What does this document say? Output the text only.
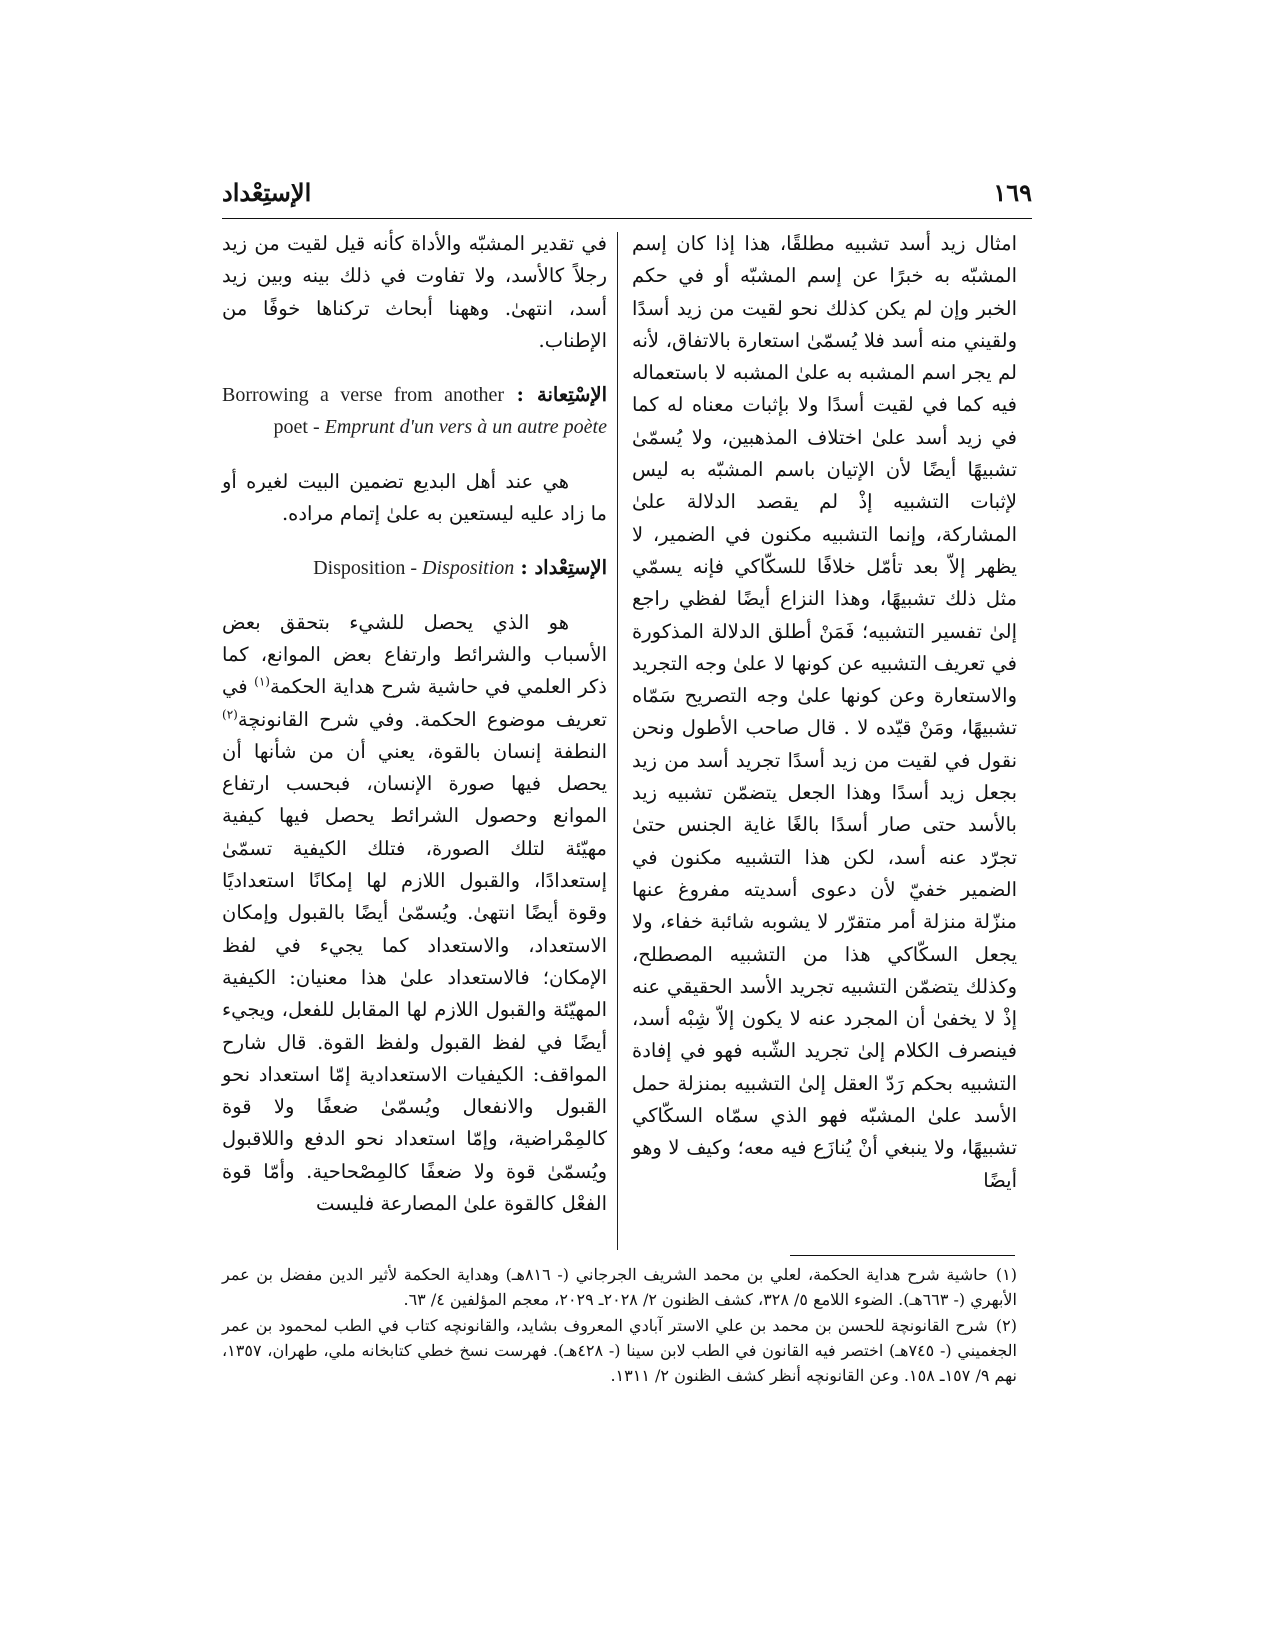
١٦٩
الإستِعْداد

امثال زيد أسد تشبيه مطلقًا، هذا إذا كان إسم المشبّه به خبرًا عن إسم المشبّه أو في حكم الخبر وإن لم يكن كذلك نحو لقيت من زيد أسدًا ولقيني منه أسد فلا يُسمّىٰ استعارة بالاتفاق، لأنه لم يجر اسم المشبه به علىٰ المشبه لا باستعماله فيه كما في لقيت أسدًا ولا بإثبات معناه له كما في زيد أسد علىٰ اختلاف المذهبين، ولا يُسمّىٰ تشبيهًا أيضًا لأن الإتيان باسم المشبّه به ليس لإثبات التشبيه إذْ لم يقصد الدلالة علىٰ المشاركة، وإنما التشبيه مكنون في الضمير، لا يظهر إلاّ بعد تأمّل خلافًا للسكّاكي فإنه يسمّي مثل ذلك تشبيهًا، وهذا النزاع أيضًا لفظي راجع إلىٰ تفسير التشبيه؛ فَمَنْ أطلق الدلالة المذكورة في تعريف التشبيه عن كونها لا علىٰ وجه التجريد والاستعارة وعن كونها علىٰ وجه التصريح سَمّاه تشبيهًا، ومَنْ قيّده لا . قال صاحب الأطول ونحن نقول في لقيت من زيد أسدًا تجريد أسد من زيد بجعل زيد أسدًا وهذا الجعل يتضمّن تشبيه زيد بالأسد حتى صار أسدًا بالغًا غاية الجنس حتىٰ تجرّد عنه أسد، لكن هذا التشبيه مكنون في الضمير خفيّ لأن دعوى أسديته مفروغ عنها منزّلة منزلة أمر متقرّر لا يشوبه شائبة خفاء، ولا يجعل السكّاكي هذا من التشبيه المصطلح، وكذلك يتضمّن التشبيه تجريد الأسد الحقيقي عنه إذْ لا يخفىٰ أن المجرد عنه لا يكون إلاّ شِبْه أسد، فينصرف الكلام إلىٰ تجريد الشّبه فهو في إفادة التشبيه بحكم رَدّ العقل إلىٰ التشبيه بمنزلة حمل الأسد علىٰ المشبّه فهو الذي سمّاه السكّاكي تشبيهًا، ولا ينبغي أنْ يُنازَع فيه معه؛ وكيف لا وهو أيضًا

في تقدير المشبّه والأداة كأنه قيل لقيت من زيد رجلاً كالأسد، ولا تفاوت في ذلك بينه وبين زيد أسد، انتهىٰ. وههنا أبحاث تركناها خوفًا من الإطناب.

الإسْتِعانة : Borrowing a verse from another poet - Emprunt d'un vers à un autre poète

هي عند أهل البديع تضمين البيت لغيره أو ما زاد عليه ليستعين به علىٰ إتمام مراده.

الإستِعْداد : Disposition - Disposition

هو الذي يحصل للشيء بتحقق بعض الأسباب والشرائط وارتفاع بعض الموانع، كما ذكر العلمي في حاشية شرح هداية الحكمة$^{(١)}$ في تعريف موضوع الحكمة. وفي شرح القانونچة$^{(٢)}$ النطفة إنسان بالقوة، يعني أن من شأنها أن يحصل فيها صورة الإنسان، فبحسب ارتفاع الموانع وحصول الشرائط يحصل فيها كيفية مهيّئة لتلك الصورة، فتلك الكيفية تسمّىٰ إستعدادًا، والقبول اللازم لها إمكانًا استعداديًا وقوة أيضًا انتهىٰ. ويُسمّىٰ أيضًا بالقبول وإمكان الاستعداد، والاستعداد كما يجيء في لفظ الإمكان؛ فالاستعداد علىٰ هذا معنيان: الكيفية المهيّئة والقبول اللازم لها المقابل للفعل، ويجيء أيضًا في لفظ القبول ولفظ القوة. قال شارح المواقف: الكيفيات الاستعدادية إمّا استعداد نحو القبول والانفعال ويُسمّىٰ ضعفًا ولا قوة كالمِمْراضية، وإمّا استعداد نحو الدفع واللاقبول ويُسمّىٰ قوة ولا ضعفًا كالمِصْحاحية. وأمّا قوة الفعْل كالقوة علىٰ المصارعة فليست

(١)حاشية شرح هداية الحكمة، لعلي بن محمد الشريف الجرجاني (- ٨١٦هـ) وهداية الحكمة لأثير الدين مفضل بن عمر الأبهري (- ٦٦٣هـ). الضوء اللامع ٥/ ٣٢٨، كشف الظنون ٢/ ٢٠٢٨ـ ٢٠٢٩، معجم المؤلفين ٤/ ٦٣.

(٢)شرح القانونچة للحسن بن محمد بن علي الاستر آبادي المعروف بشايد، والقانونچه كتاب في الطب لمحمود بن عمر الجغميني (- ٧٤٥هـ) اختصر فيه القانون في الطب لابن سينا (- ٤٢٨هـ). فهرست نسخ خطي كتابخانه ملي، طهران، ١٣٥٧، نهم ٩/ ١٥٧ـ ١٥٨. وعن القانونچه أنظر كشف الظنون ٢/ ١٣١١.
